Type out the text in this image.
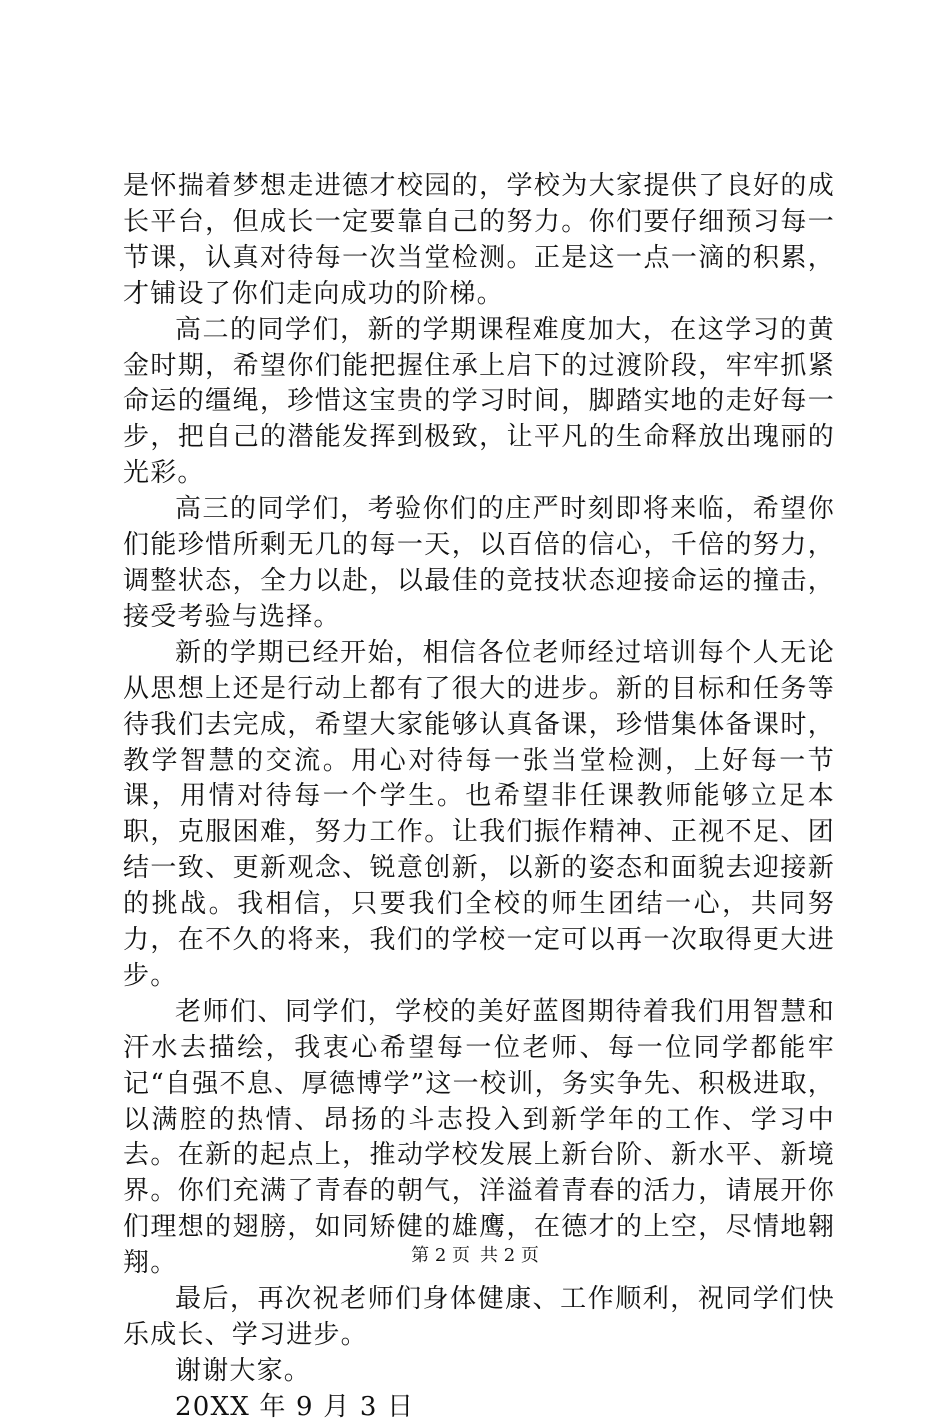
是怀揣着梦想走进德才校园的，学校为大家提供了良好的成长平台，但成长一定要靠自己的努力。你们要仔细预习每一节课，认真对待每一次当堂检测。正是这一点一滴的积累，才铺设了你们走向成功的阶梯。

高二的同学们，新的学期课程难度加大，在这学习的黄金时期，希望你们能把握住承上启下的过渡阶段，牢牢抓紧命运的缰绳，珍惜这宝贵的学习时间，脚踏实地的走好每一步，把自己的潜能发挥到极致，让平凡的生命释放出瑰丽的光彩。

高三的同学们，考验你们的庄严时刻即将来临，希望你们能珍惜所剩无几的每一天，以百倍的信心，千倍的努力，调整状态，全力以赴，以最佳的竞技状态迎接命运的撞击，接受考验与选择。

新的学期已经开始，相信各位老师经过培训每个人无论从思想上还是行动上都有了很大的进步。新的目标和任务等待我们去完成，希望大家能够认真备课，珍惜集体备课时，教学智慧的交流。用心对待每一张当堂检测，上好每一节课，用情对待每一个学生。也希望非任课教师能够立足本职，克服困难，努力工作。让我们振作精神、正视不足、团结一致、更新观念、锐意创新，以新的姿态和面貌去迎接新的挑战。我相信，只要我们全校的师生团结一心，共同努力，在不久的将来，我们的学校一定可以再一次取得更大进步。

老师们、同学们，学校的美好蓝图期待着我们用智慧和汗水去描绘，我衷心希望每一位老师、每一位同学都能牢记“自强不息、厚德博学”这一校训，务实争先、积极进取，以满腔的热情、昂扬的斗志投入到新学年的工作、学习中去。在新的起点上，推动学校发展上新台阶、新水平、新境界。你们充满了青春的朝气，洋溢着青春的活力，请展开你们理想的翅膀，如同矫健的雄鹰，在德才的上空，尽情地翱翔。

最后，再次祝老师们身体健康、工作顺利，祝同学们快乐成长、学习进步。

谢谢大家。

20XX 年 9 月 3 日

第 2 页 共 2 页
